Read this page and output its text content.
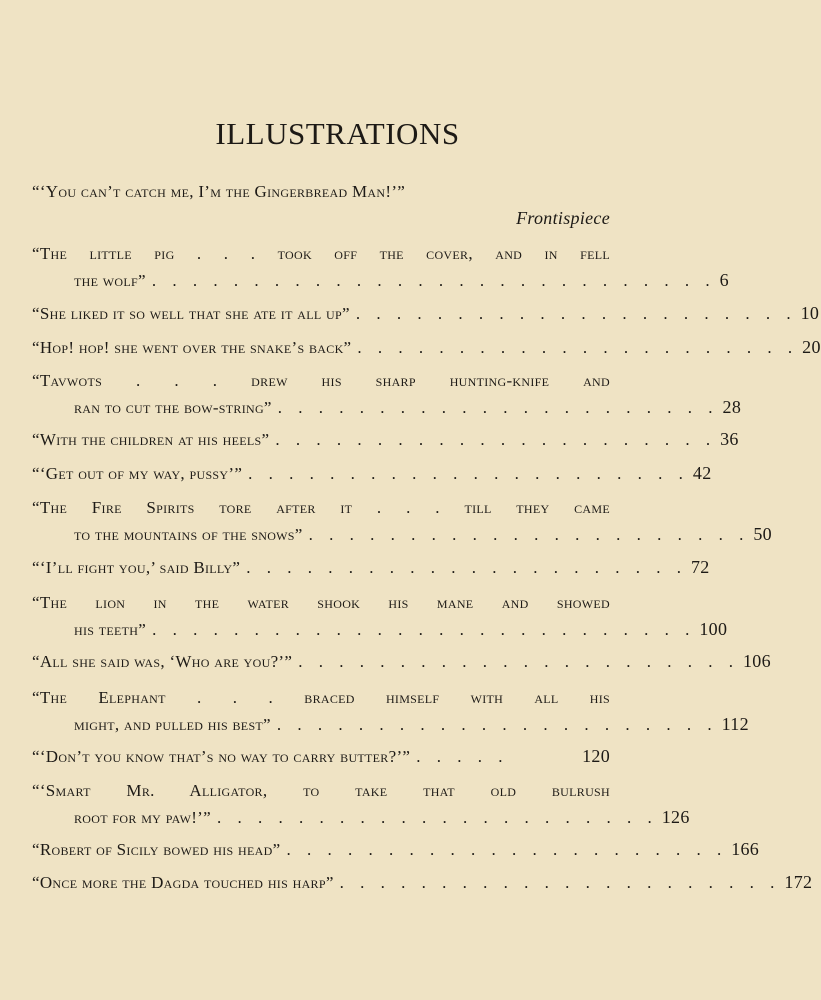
ILLUSTRATIONS
“‘You can’t catch me, I’m the Gingerbread Man!’”
Frontispiece
“The little pig . . . took off the cover, and in fell
the wolf” . . . . . . . . . . . . . . . . . . . . . . . . . . . . 6
“She liked it so well that she ate it all up” . . . . . . . . . . . . . . . . . . . . . . 10
“Hop! hop! she went over the snake’s back” . . . . . . . . . . . . . . . . . . . . . . 20
“Tavwots . . . drew his sharp hunting-knife and
ran to cut the bow-string” . . . . . . . . . . . . . . . . . . . . . . 28
“With the children at his heels” . . . . . . . . . . . . . . . . . . . . . . 36
“‘Get out of my way, pussy’” . . . . . . . . . . . . . . . . . . . . . . 42
“The Fire Spirits tore after it . . . till they came
to the mountains of the snows” . . . . . . . . . . . . . . . . . . . . . . 50
“‘I’ll fight you,’ said Billy” . . . . . . . . . . . . . . . . . . . . . . 72
“The lion in the water shook his mane and showed
his teeth” . . . . . . . . . . . . . . . . . . . . . . . . . . . 100
“All she said was, ‘Who are you?’” . . . . . . . . . . . . . . . . . . . . . . 106
“The Elephant . . . braced himself with all his
might, and pulled his best” . . . . . . . . . . . . . . . . . . . . . . 112
“‘Don’t you know that’s no way to carry butter?’” . . . . .	120
“‘Smart Mr. Alligator, to take that old bulrush
root for my paw!’” . . . . . . . . . . . . . . . . . . . . . . 126
“Robert of Sicily bowed his head” . . . . . . . . . . . . . . . . . . . . . . 166
“Once more the Dagda touched his harp” . . . . . . . . . . . . . . . . . . . . . . 172
